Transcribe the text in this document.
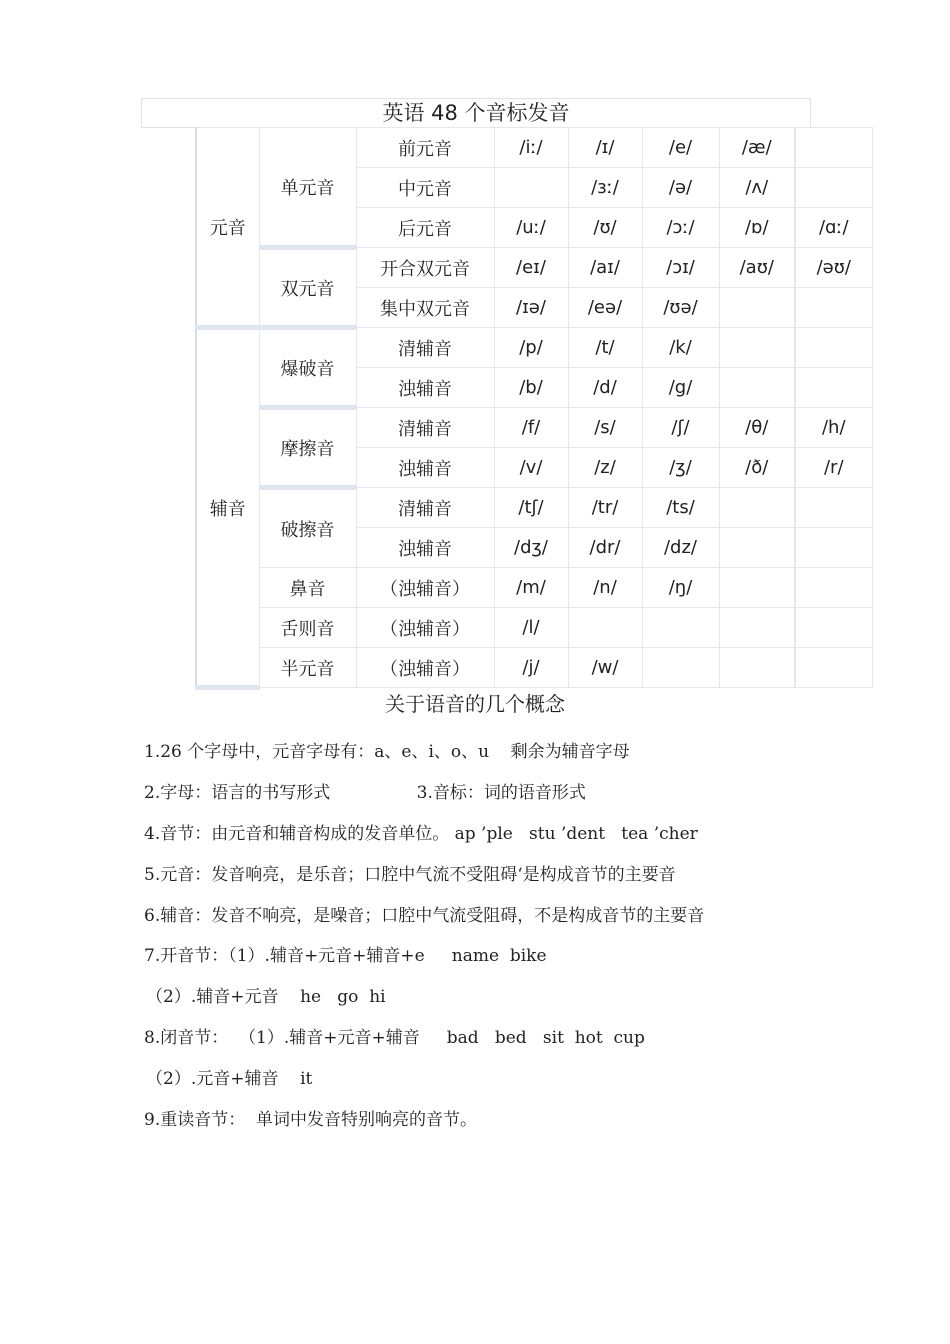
英语 48 个音标发音
元音	单元音	前元音	/iː/	/ɪ/	/e/	/æ/	
		中元音		/ɜː/	/ə/	/ʌ/	
		后元音	/uː/	/ʊ/	/ɔː/	/ɒ/	/ɑː/
	双元音	开合双元音	/eɪ/	/aɪ/	/ɔɪ/	/aʊ/	/əʊ/
		集中双元音	/ɪə/	/eə/	/ʊə/		
辅音	爆破音	清辅音	/p/	/t/	/k/		
		浊辅音	/b/	/d/	/g/		
	摩擦音	清辅音	/f/	/s/	/ʃ/	/θ/	/h/
		浊辅音	/v/	/z/	/ʒ/	/ð/	/r/
	破擦音	清辅音	/tʃ/	/tr/	/ts/		
		浊辅音	/dʒ/	/dr/	/dz/		
	鼻音	（浊辅音）	/m/	/n/	/ŋ/		
	舌则音	（浊辅音）	/l/				
	半元音	（浊辅音）	/j/	/w/			
关于语音的几个概念
1.26 个字母中，元音字母有：a、e、i、o、u    剩余为辅音字母
2.字母：语言的书写形式                3.音标：词的语音形式
4.音节：由元音和辅音构成的发音单位。 ap ’ple   stu ’dent   tea ’cher
5.元音：发音响亮，是乐音；口腔中气流不受阻碍‘是构成音节的主要音
6.辅音：发音不响亮，是噪音；口腔中气流受阻碍，不是构成音节的主要音
7.开音节：（1）.辅音+元音+辅音+e     name  bike
（2）.辅音+元音    he   go  hi
8.闭音节：  （1）.辅音+元音+辅音     bad   bed   sit  hot  cup
（2）.元音+辅音    it
9.重读音节：  单词中发音特别响亮的音节。
